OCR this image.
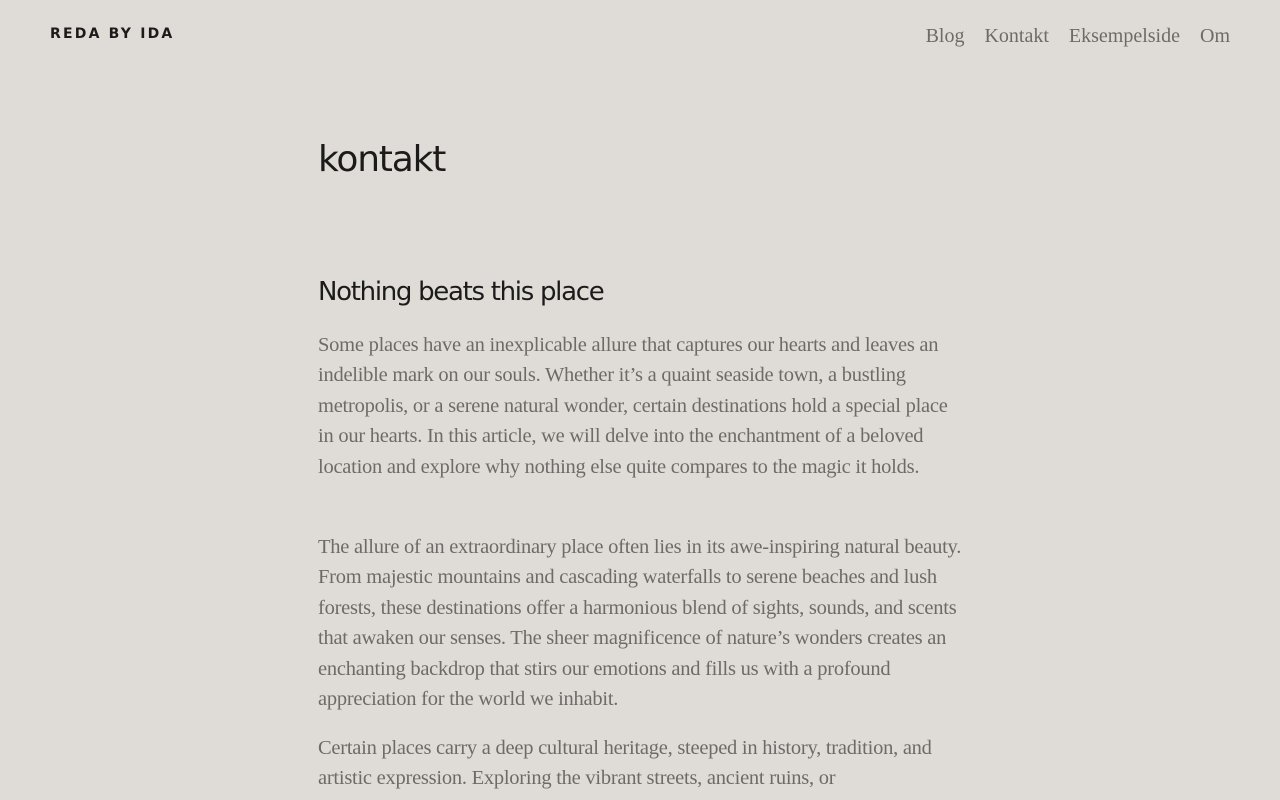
REDA BY IDA	Blog Kontakt Eksempelside Om
kontakt
Nothing beats this place

Some places have an inexplicable allure that captures our hearts and leaves an indelible mark on our souls. Whether it’s a quaint seaside town, a bustling metropolis, or a serene natural wonder, certain destinations hold a special place in our hearts. In this article, we will delve into the enchantment of a beloved location and explore why nothing else quite compares to the magic it holds.

The allure of an extraordinary place often lies in its awe-inspiring natural beauty. From majestic mountains and cascading waterfalls to serene beaches and lush forests, these destinations offer a harmonious blend of sights, sounds, and scents that awaken our senses. The sheer magnificence of nature’s wonders creates an enchanting backdrop that stirs our emotions and fills us with a profound appreciation for the world we inhabit.

Certain places carry a deep cultural heritage, steeped in history, tradition, and artistic expression. Exploring the vibrant streets, ancient ruins, or
